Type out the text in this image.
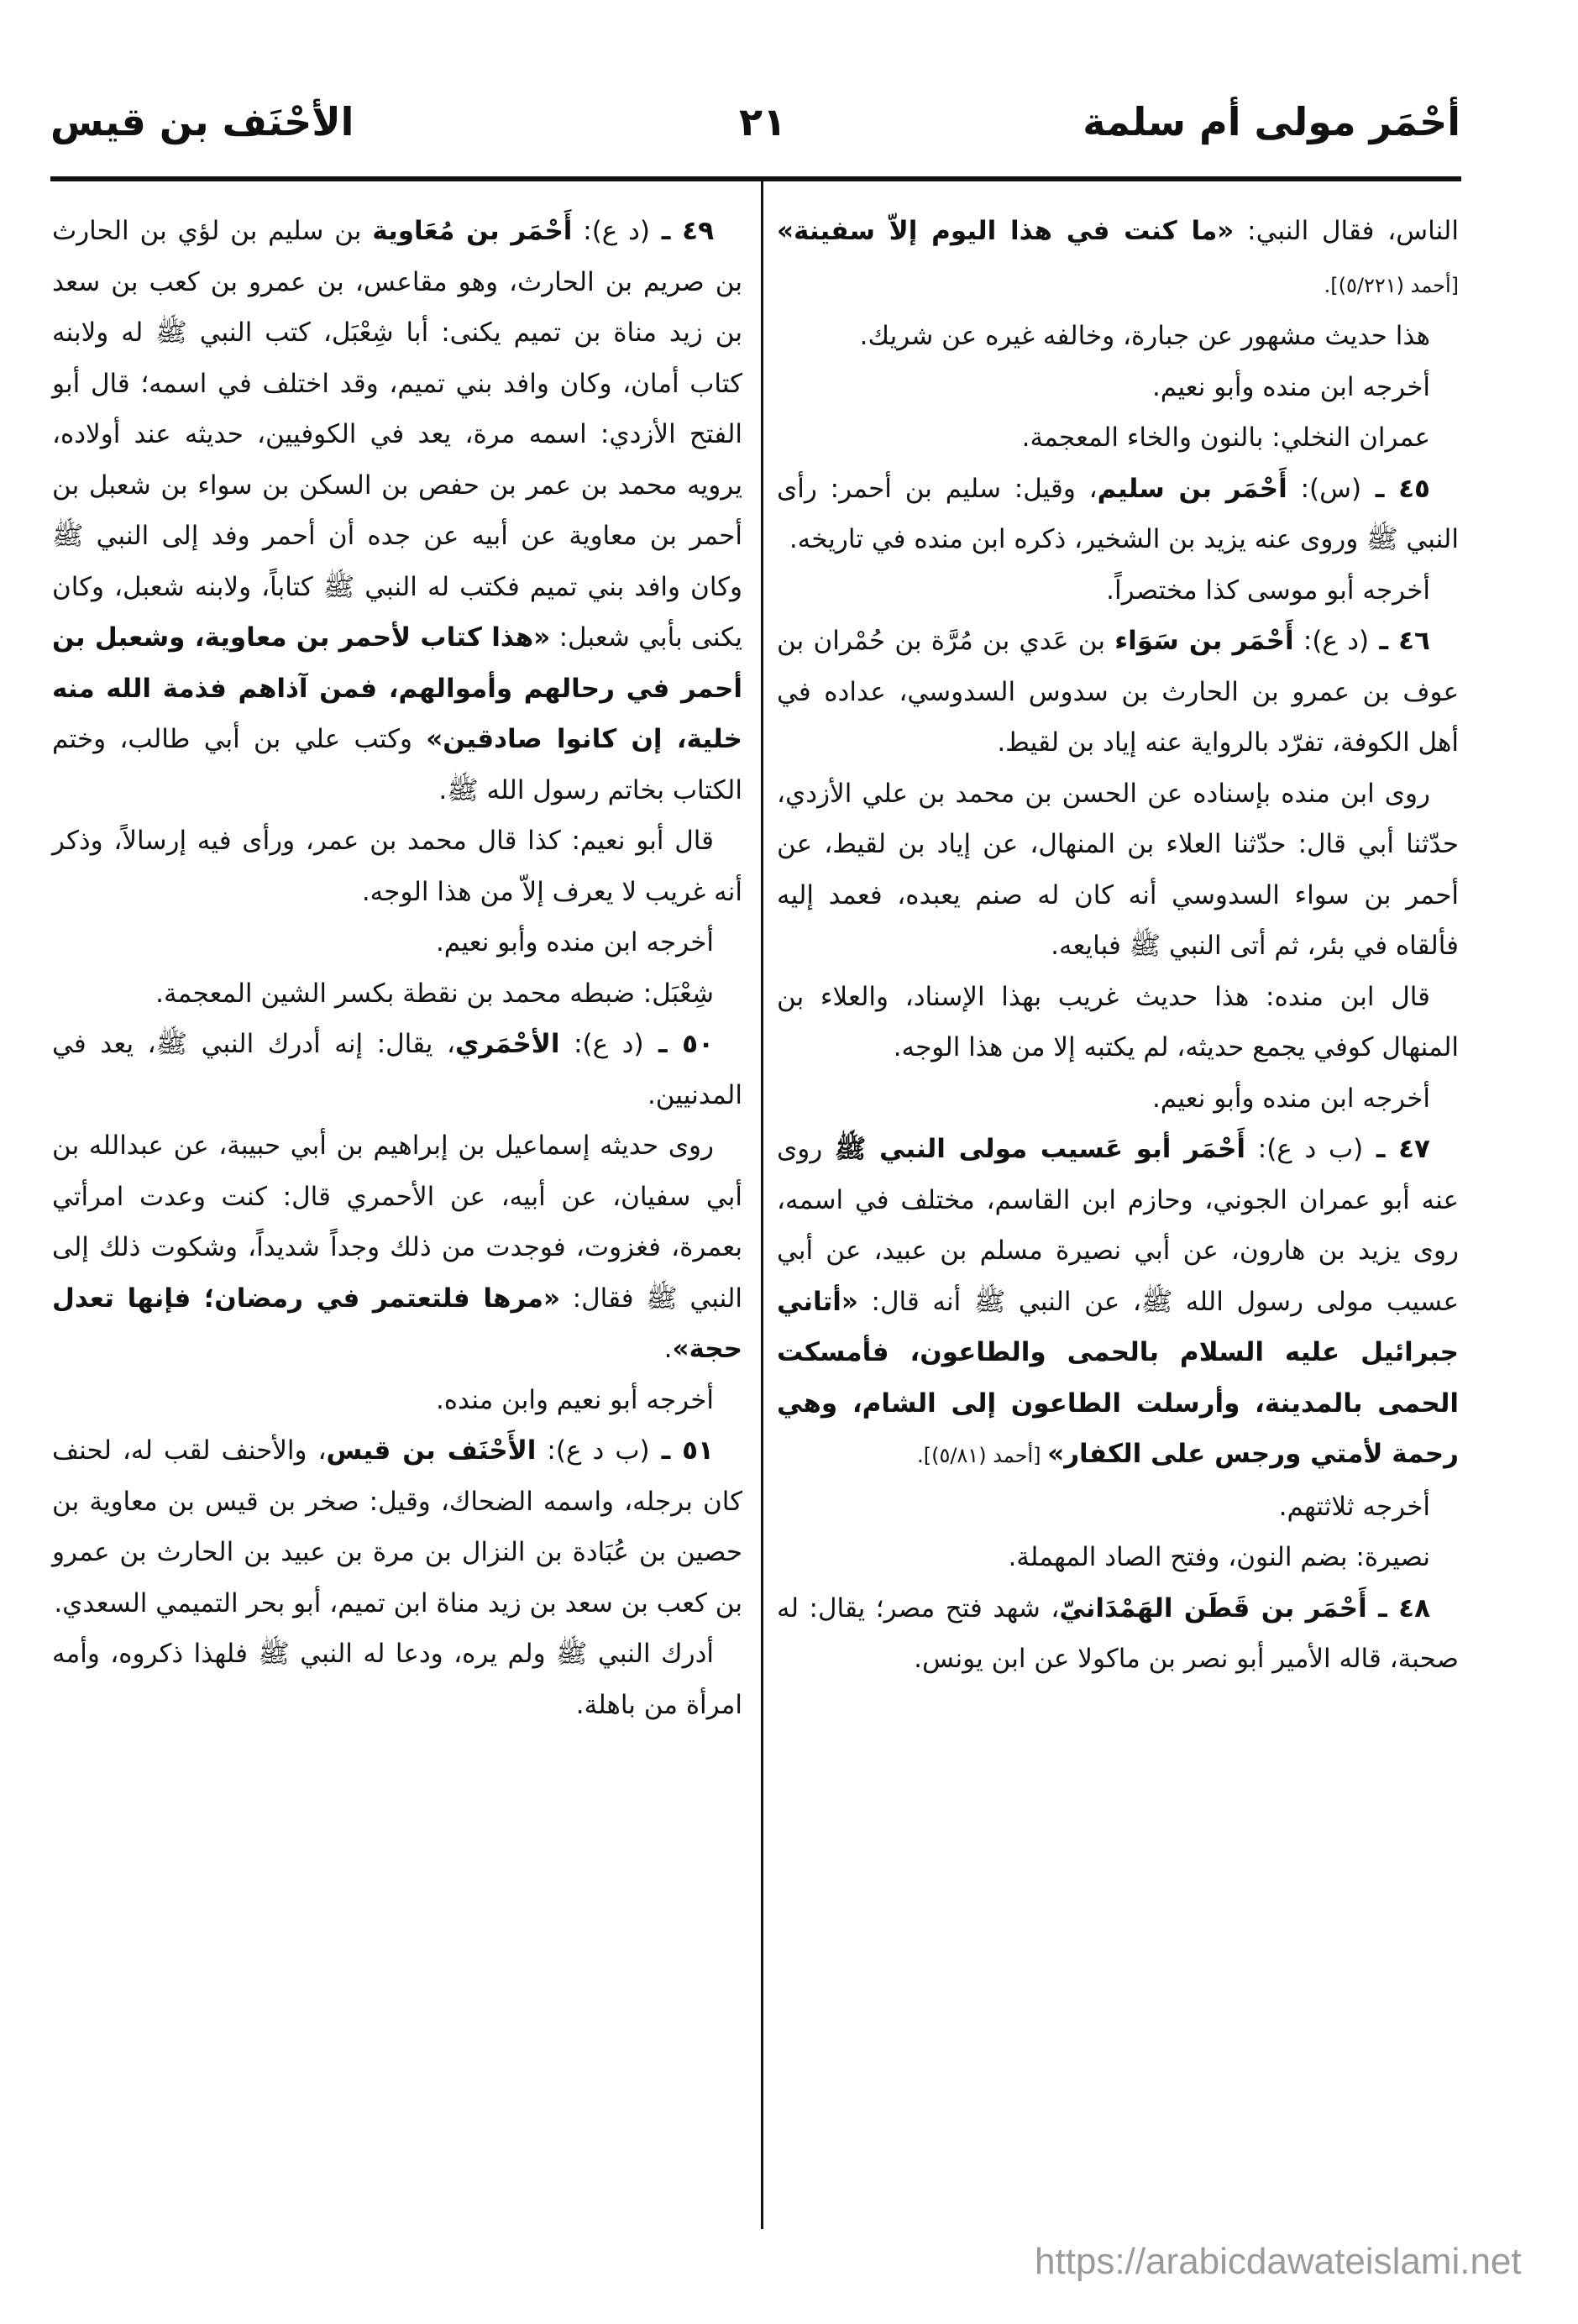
أحْمَر مولى أم سلمة
٢١
الأحْنَف بن قيس

الناس، فقال النبي: «ما كنت في هذا اليوم إلاّ سفينة» [أحمد (٥/٢٢١)].

هذا حديث مشهور عن جبارة، وخالفه غيره عن شريك.

أخرجه ابن منده وأبو نعيم.

عمران النخلي: بالنون والخاء المعجمة.

٤٥ ـ (س): أَحْمَر بن سليم، وقيل: سليم بن أحمر: رأى النبي ﷺ وروى عنه يزيد بن الشخير، ذكره ابن منده في تاريخه.

أخرجه أبو موسى كذا مختصراً.

٤٦ ـ (د ع): أَحْمَر بن سَوَاء بن عَدي بن مُرَّة بن حُمْران بن عوف بن عمرو بن الحارث بن سدوس السدوسي، عداده في أهل الكوفة، تفرّد بالرواية عنه إياد بن لقيط.

روى ابن منده بإسناده عن الحسن بن محمد بن علي الأزدي، حدّثنا أبي قال: حدّثنا العلاء بن المنهال، عن إياد بن لقيط، عن أحمر بن سواء السدوسي أنه كان له صنم يعبده، فعمد إليه فألقاه في بئر، ثم أتى النبي ﷺ فبايعه.

قال ابن منده: هذا حديث غريب بهذا الإسناد، والعلاء بن المنهال كوفي يجمع حديثه، لم يكتبه إلا من هذا الوجه.

أخرجه ابن منده وأبو نعيم.

٤٧ ـ (ب د ع): أَحْمَر أبو عَسيب مولى النبي ﷺ روى عنه أبو عمران الجوني، وحازم ابن القاسم، مختلف في اسمه، روى يزيد بن هارون، عن أبي نصيرة مسلم بن عبيد، عن أبي عسيب مولى رسول الله ﷺ، عن النبي ﷺ أنه قال: «أتاني جبرائيل عليه السلام بالحمى والطاعون، فأمسكت الحمى بالمدينة، وأرسلت الطاعون إلى الشام، وهي رحمة لأمتي ورجس على الكفار» [أحمد (٥/٨١)].

أخرجه ثلاثتهم.

نصيرة: بضم النون، وفتح الصاد المهملة.

٤٨ ـ أَحْمَر بن قَطَن الهَمْدَانيّ، شهد فتح مصر؛ يقال: له صحبة، قاله الأمير أبو نصر بن ماكولا عن ابن يونس.

٤٩ ـ (د ع): أَحْمَر بن مُعَاوية بن سليم بن لؤي بن الحارث بن صريم بن الحارث، وهو مقاعس، بن عمرو بن كعب بن سعد بن زيد مناة بن تميم يكنى: أبا شِعْبَل، كتب النبي ﷺ له ولابنه كتاب أمان، وكان وافد بني تميم، وقد اختلف في اسمه؛ قال أبو الفتح الأزدي: اسمه مرة، يعد في الكوفيين، حديثه عند أولاده، يرويه محمد بن عمر بن حفص بن السكن بن سواء بن شعبل بن أحمر بن معاوية عن أبيه عن جده أن أحمر وفد إلى النبي ﷺ وكان وافد بني تميم فكتب له النبي ﷺ كتاباً، ولابنه شعبل، وكان يكنى بأبي شعبل: «هذا كتاب لأحمر بن معاوية، وشعبل بن أحمر في رحالهم وأموالهم، فمن آذاهم فذمة الله منه خلية، إن كانوا صادقين» وكتب علي بن أبي طالب، وختم الكتاب بخاتم رسول الله ﷺ.

قال أبو نعيم: كذا قال محمد بن عمر، ورأى فيه إرسالاً، وذكر أنه غريب لا يعرف إلاّ من هذا الوجه.

أخرجه ابن منده وأبو نعيم.

شِعْبَل: ضبطه محمد بن نقطة بكسر الشين المعجمة.

٥٠ ـ (د ع): الأحْمَري، يقال: إنه أدرك النبي ﷺ، يعد في المدنيين.

روى حديثه إسماعيل بن إبراهيم بن أبي حبيبة، عن عبدالله بن أبي سفيان، عن أبيه، عن الأحمري قال: كنت وعدت امرأتي بعمرة، فغزوت، فوجدت من ذلك وجداً شديداً، وشكوت ذلك إلى النبي ﷺ فقال: «مرها فلتعتمر في رمضان؛ فإنها تعدل حجة».

أخرجه أبو نعيم وابن منده.

٥١ ـ (ب د ع): الأَحْنَف بن قيس، والأحنف لقب له، لحنف كان برجله، واسمه الضحاك، وقيل: صخر بن قيس بن معاوية بن حصين بن عُبَادة بن النزال بن مرة بن عبيد بن الحارث بن عمرو بن كعب بن سعد بن زيد مناة ابن تميم، أبو بحر التميمي السعدي.

أدرك النبي ﷺ ولم يره، ودعا له النبي ﷺ فلهذا ذكروه، وأمه امرأة من باهلة.

https://arabicdawateislami.net
